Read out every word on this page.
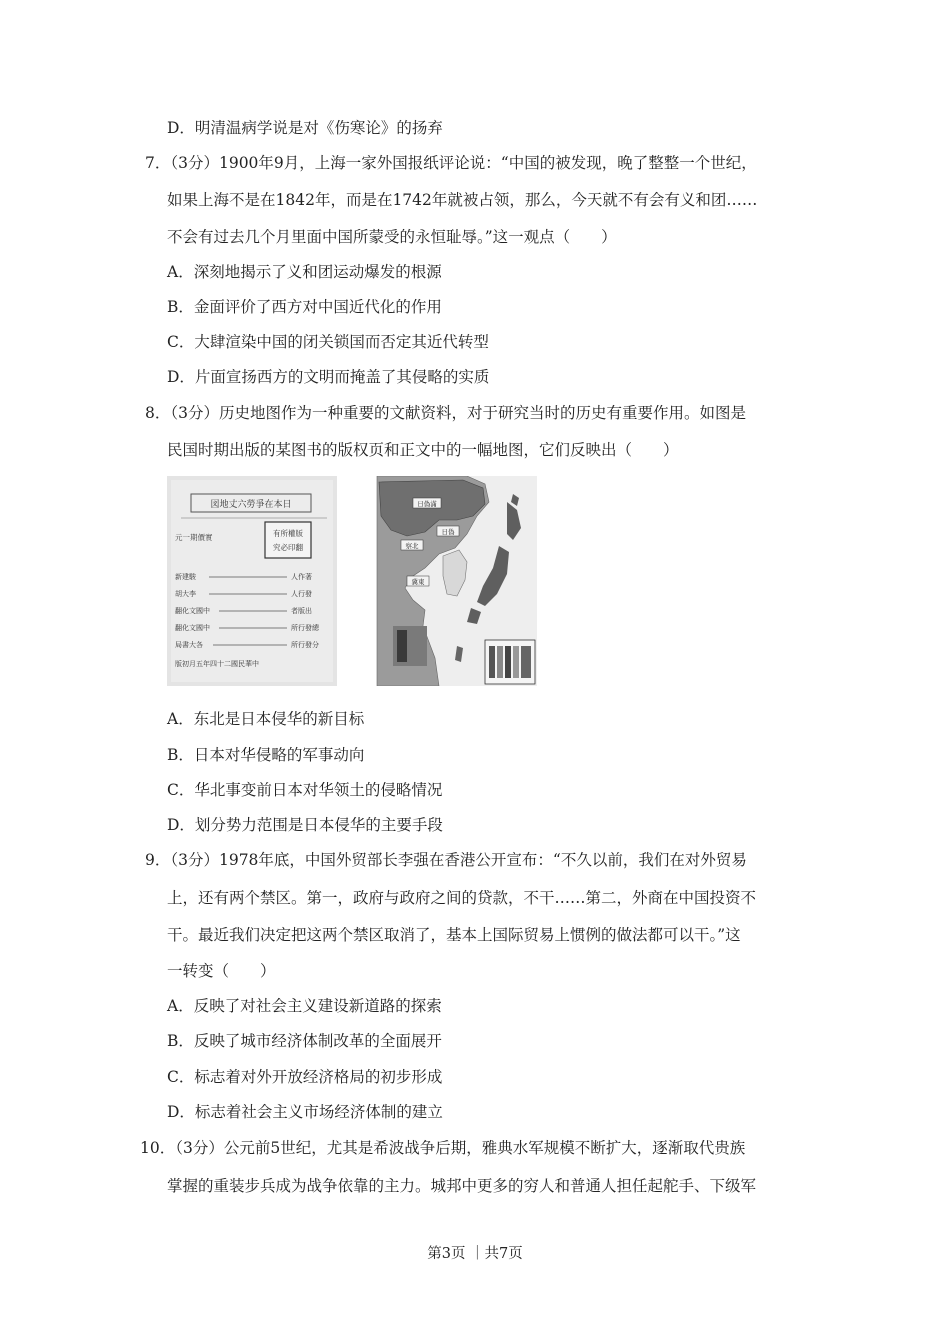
D．明清温病学说是对《伤寒论》的扬弃
7．（3分）1900年9月，上海一家外国报纸评论说：“中国的被发现，晚了整整一个世纪，
如果上海不是在1842年，而是在1742年就被占领，那么，今天就不有会有义和团……
不会有过去几个月里面中国所蒙受的永恒耻辱。”这一观点（　　）
A．深刻地揭示了义和团运动爆发的根源
B．金面评价了西方对中国近代化的作用
C．大肆渲染中国的闭关锁国而否定其近代转型
D．片面宣扬西方的文明而掩盖了其侵略的实质
8．（3分）历史地图作为一种重要的文献资料，对于研究当时的历史有重要作用。如图是
民国时期出版的某图书的版权页和正文中的一幅地图，它们反映出（　　）
図地丈六勞爭在本日
有所權版
究必印翻
元一期價實
新建駿	人作著
胡大李	人行發
翻化文國中	者版出
翻化文國中	所行發總
局書大各	所行發分
版初月五年四十二國民華中
日偽滿
日偽
察北
冀東
A．东北是日本侵华的新目标
B．日本对华侵略的军事动向
C．华北事变前日本对华领土的侵略情况
D．划分势力范围是日本侵华的主要手段
9．（3分）1978年底，中国外贸部长李强在香港公开宣布：“不久以前，我们在对外贸易
上，还有两个禁区。第一，政府与政府之间的贷款，不干……第二，外商在中国投资不
干。最近我们决定把这两个禁区取消了，基本上国际贸易上惯例的做法都可以干。”这
一转变（　　）
A．反映了对社会主义建设新道路的探索
B．反映了城市经济体制改革的全面展开
C．标志着对外开放经济格局的初步形成
D．标志着社会主义市场经济体制的建立
10．（3分）公元前5世纪，尤其是希波战争后期，雅典水军规模不断扩大，逐渐取代贵族
掌握的重装步兵成为战争依靠的主力。城邦中更多的穷人和普通人担任起舵手、下级军
第3页 ｜共7页
